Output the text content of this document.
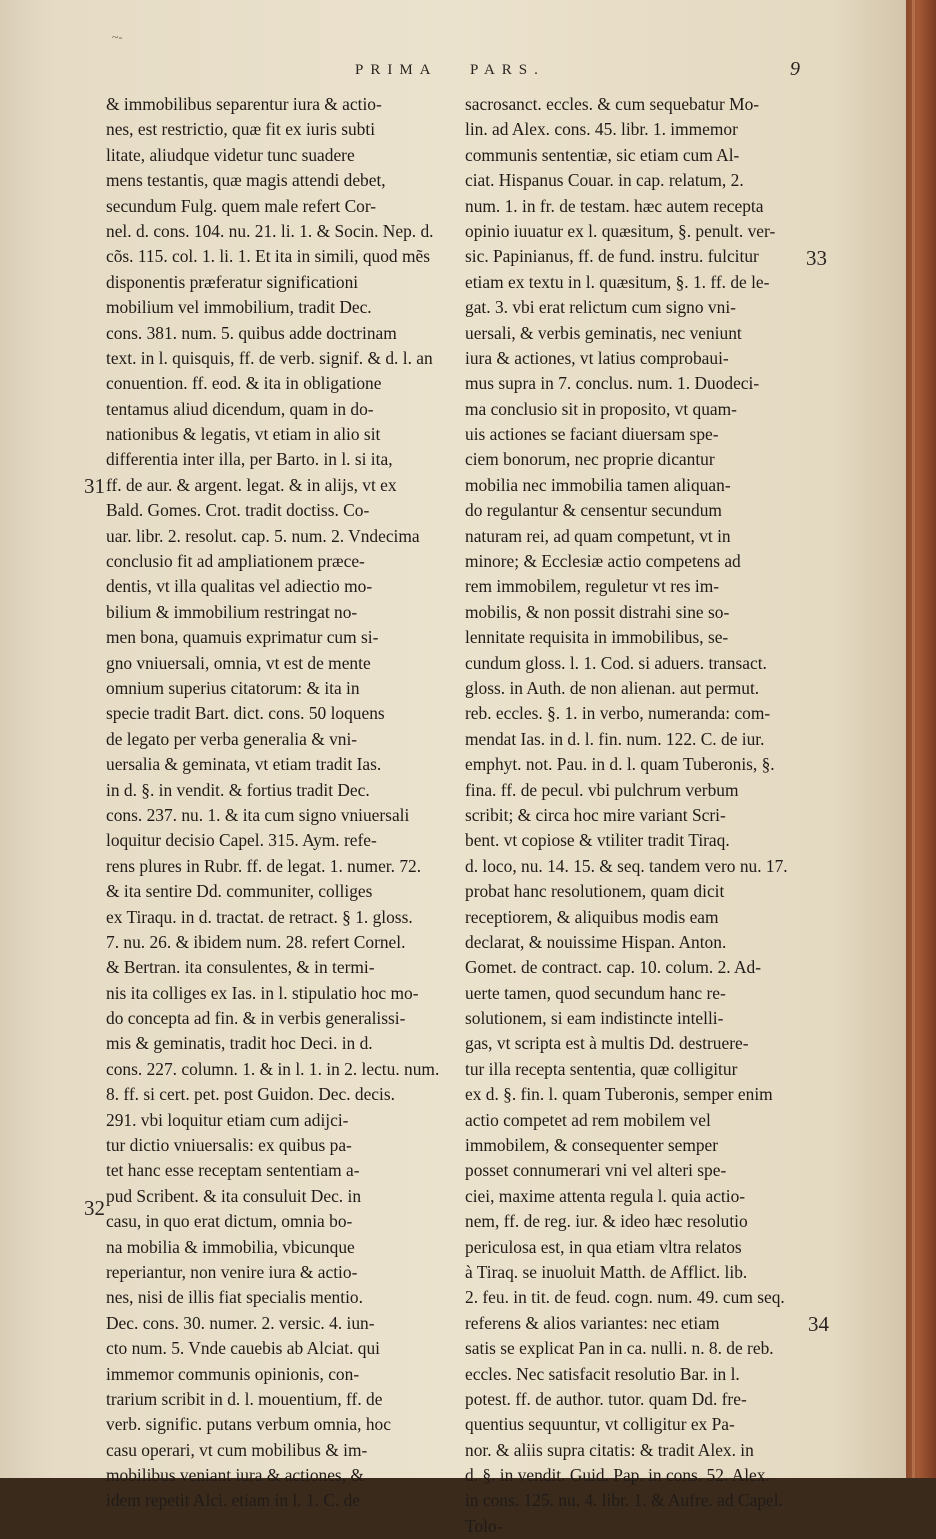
~-
PRIMA PARS.	9
& immobilibus separentur iura & actio-
nes, est restrictio, quæ fit ex iuris subti
litate, aliudque videtur tunc suadere
mens testantis, quæ magis attendi debet,
secundum Fulg. quem male refert Cor-
nel. d. cons. 104. nu. 21. li. 1. & Socin. Nep. d.
cõs. 115. col. 1. li. 1. Et ita in simili, quod mẽs
disponentis præferatur significationi
mobilium vel immobilium, tradit Dec.
cons. 381. num. 5. quibus adde doctrinam
text. in l. quisquis, ff. de verb. signif. & d. l. an
conuention. ff. eod. & ita in obligatione
tentamus aliud dicendum, quam in do-
nationibus & legatis, vt etiam in alio sit
differentia inter illa, per Barto. in l. si ita,
ff. de aur. & argent. legat. & in alijs, vt ex
Bald. Gomes. Crot. tradit doctiss. Co-
uar. libr. 2. resolut. cap. 5. num. 2. Vndecima
conclusio fit ad ampliationem præce-
dentis, vt illa qualitas vel adiectio mo-
bilium & immobilium restringat no-
men bona, quamuis exprimatur cum si-
gno vniuersali, omnia, vt est de mente
omnium superius citatorum: & ita in
specie tradit Bart. dict. cons. 50 loquens
de legato per verba generalia & vni-
uersalia & geminata, vt etiam tradit Ias.
in d. §. in vendit. & fortius tradit Dec.
cons. 237. nu. 1. & ita cum signo vniuersali
loquitur decisio Capel. 315. Aym. refe-
rens plures in Rubr. ff. de legat. 1. numer. 72.
& ita sentire Dd. communiter, colliges
ex Tiraqu. in d. tractat. de retract. § 1. gloss.
7. nu. 26. & ibidem num. 28. refert Cornel.
& Bertran. ita consulentes, & in termi-
nis ita colliges ex Ias. in l. stipulatio hoc mo-
do concepta ad fin. & in verbis generalissi-
mis & geminatis, tradit hoc Deci. in d.
cons. 227. column. 1. & in l. 1. in 2. lectu. num.
8. ff. si cert. pet. post Guidon. Dec. decis.
291. vbi loquitur etiam cum adijci-
tur dictio vniuersalis: ex quibus pa-
tet hanc esse receptam sententiam a-
pud Scribent. & ita consuluit Dec. in
casu, in quo erat dictum, omnia bo-
na mobilia & immobilia, vbicunque
reperiantur, non venire iura & actio-
nes, nisi de illis fiat specialis mentio.
Dec. cons. 30. numer. 2. versic. 4. iun-
cto num. 5. Vnde cauebis ab Alciat. qui
immemor communis opinionis, con-
trarium scribit in d. l. mouentium, ff. de
verb. signific. putans verbum omnia, hoc
casu operari, vt cum mobilibus & im-
mobilibus veniant iura & actiones, &
idem repetit Alci. etiam in l. 1. C. de
sacrosanct. eccles. & cum sequebatur Mo-
lin. ad Alex. cons. 45. libr. 1. immemor
communis sententiæ, sic etiam cum Al-
ciat. Hispanus Couar. in cap. relatum, 2.
num. 1. in fr. de testam. hæc autem recepta
opinio iuuatur ex l. quæsitum, §. penult. ver-
sic. Papinianus, ff. de fund. instru. fulcitur
etiam ex textu in l. quæsitum, §. 1. ff. de le-
gat. 3. vbi erat relictum cum signo vni-
uersali, & verbis geminatis, nec veniunt
iura & actiones, vt latius comprobaui-
mus supra in 7. conclus. num. 1. Duodeci-
ma conclusio sit in proposito, vt quam-
uis actiones se faciant diuersam spe-
ciem bonorum, nec proprie dicantur
mobilia nec immobilia tamen aliquan-
do regulantur & censentur secundum
naturam rei, ad quam competunt, vt in
minore; & Ecclesiæ actio competens ad
rem immobilem, reguletur vt res im-
mobilis, & non possit distrahi sine so-
lennitate requisita in immobilibus, se-
cundum gloss. l. 1. Cod. si aduers. transact.
gloss. in Auth. de non alienan. aut permut.
reb. eccles. §. 1. in verbo, numeranda: com-
mendat Ias. in d. l. fin. num. 122. C. de iur.
emphyt. not. Pau. in d. l. quam Tuberonis, §.
fina. ff. de pecul. vbi pulchrum verbum
scribit; & circa hoc mire variant Scri-
bent. vt copiose & vtiliter tradit Tiraq.
d. loco, nu. 14. 15. & seq. tandem vero nu. 17.
probat hanc resolutionem, quam dicit
receptiorem, & aliquibus modis eam
declarat, & nouissime Hispan. Anton.
Gomet. de contract. cap. 10. colum. 2. Ad-
uerte tamen, quod secundum hanc re-
solutionem, si eam indistincte intelli-
gas, vt scripta est à multis Dd. destruere-
tur illa recepta sententia, quæ colligitur
ex d. §. fin. l. quam Tuberonis, semper enim
actio competet ad rem mobilem vel
immobilem, & consequenter semper
posset connumerari vni vel alteri spe-
ciei, maxime attenta regula l. quia actio-
nem, ff. de reg. iur. & ideo hæc resolutio
periculosa est, in qua etiam vltra relatos
à Tiraq. se inuoluit Matth. de Afflict. lib.
2. feu. in tit. de feud. cogn. num. 49. cum seq.
referens & alios variantes: nec etiam
satis se explicat Pan in ca. nulli. n. 8. de reb.
eccles. Nec satisfacit resolutio Bar. in l.
potest. ff. de author. tutor. quam Dd. fre-
quentius sequuntur, vt colligitur ex Pa-
nor. & aliis supra citatis: & tradit Alex. in
d. §. in vendit. Guid. Pap. in cons. 52. Alex.
in cons. 125. nu. 4. libr. 1. & Aufre. ad Capel.
Tolo-
31
32
33
34
